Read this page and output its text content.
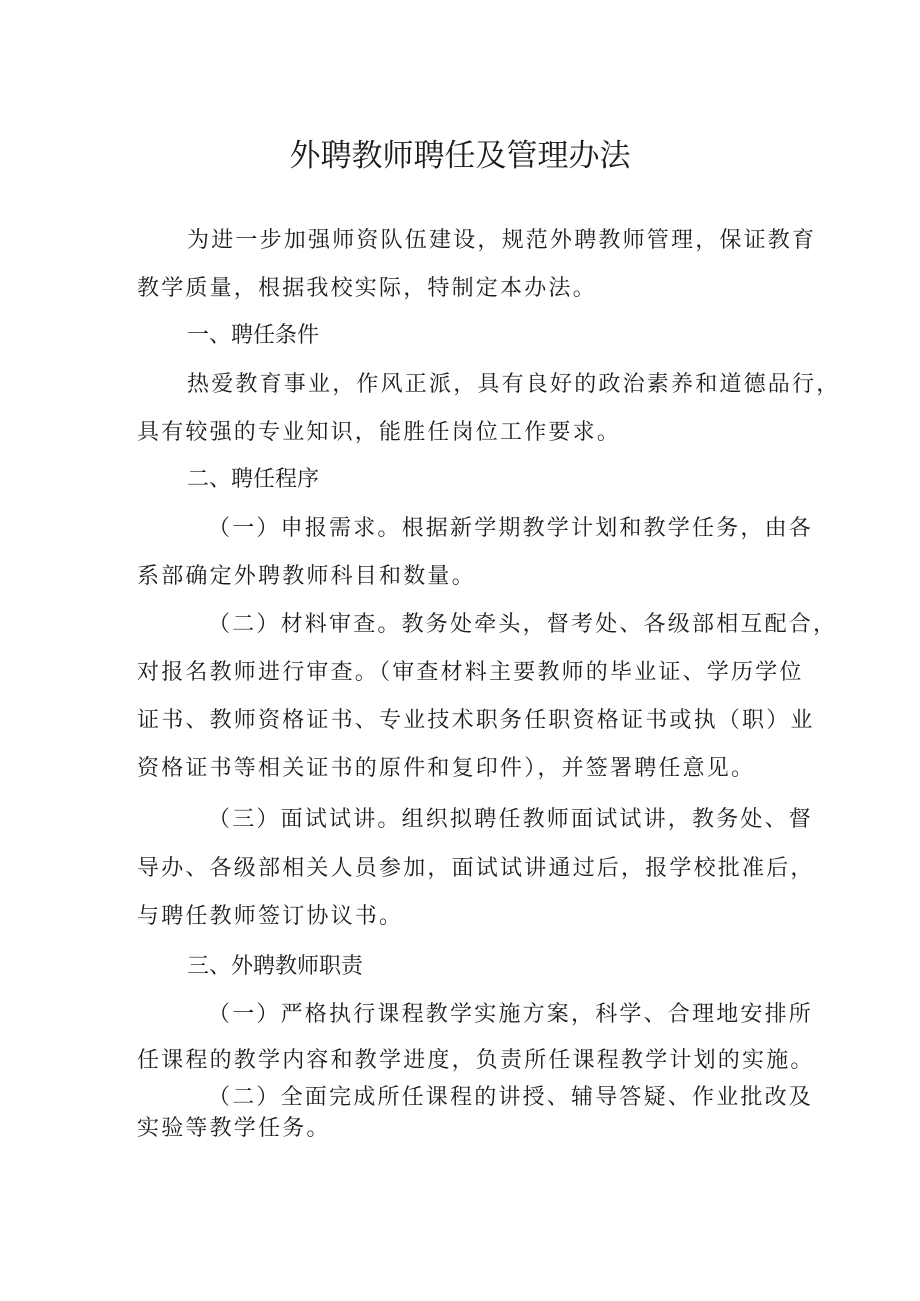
外聘教师聘任及管理办法
为进一步加强师资队伍建设，规范外聘教师管理，保证教育
教学质量，根据我校实际，特制定本办法。
一、聘任条件
热爱教育事业，作风正派，具有良好的政治素养和道德品行，
具有较强的专业知识，能胜任岗位工作要求。
二、聘任程序
（一）申报需求。根据新学期教学计划和教学任务，由各
系部确定外聘教师科目和数量。
（二）材料审查。教务处牵头，督考处、各级部相互配合，
对报名教师进行审查。（审查材料主要教师的毕业证、学历学位
证书、教师资格证书、专业技术职务任职资格证书或执（职）业
资格证书等相关证书的原件和复印件），并签署聘任意见。
（三）面试试讲。组织拟聘任教师面试试讲，教务处、督
导办、各级部相关人员参加，面试试讲通过后，报学校批准后，
与聘任教师签订协议书。
三、外聘教师职责
（一）严格执行课程教学实施方案，科学、合理地安排所
任课程的教学内容和教学进度，负责所任课程教学计划的实施。
（二）全面完成所任课程的讲授、辅导答疑、作业批改及
实验等教学任务。
